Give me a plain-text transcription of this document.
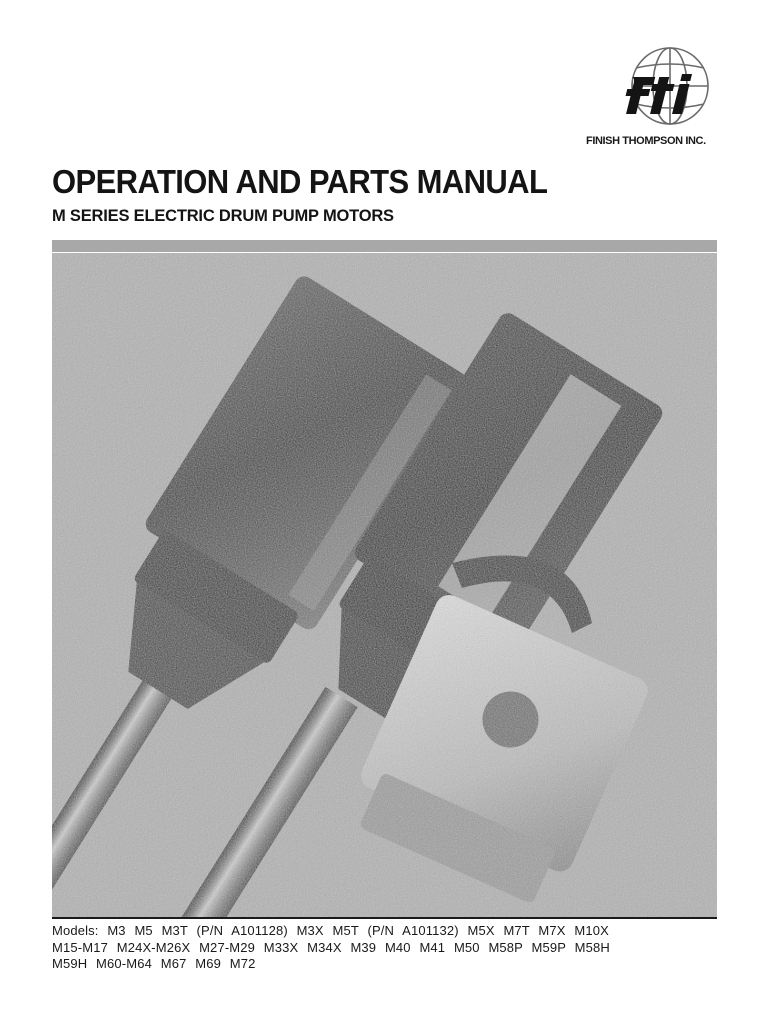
FINISH THOMPSON INC.
OPERATION AND PARTS MANUAL
M SERIES ELECTRIC DRUM PUMP MOTORS
Models: M3 M5 M3T (P/N A101128) M3X M5T (P/N A101132) M5X M7T M7X M10X
M15-M17 M24X-M26X M27-M29 M33X M34X M39 M40 M41 M50 M58P M59P M58H
M59H M60-M64 M67 M69 M72
